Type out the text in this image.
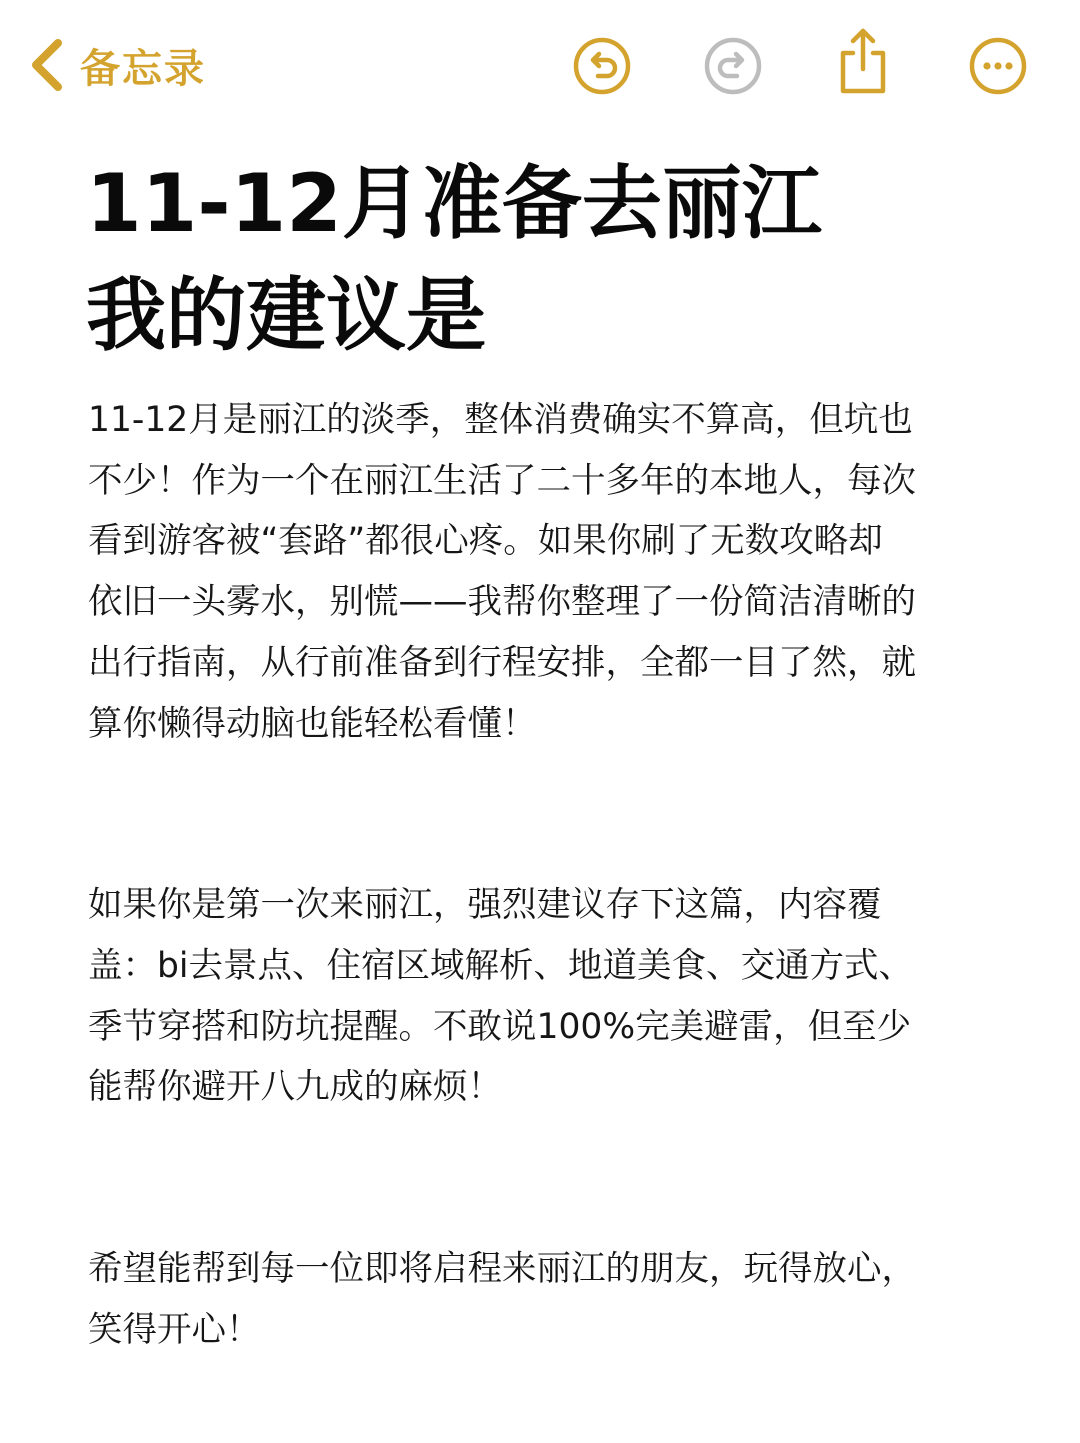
备忘录
11-12月准备去丽江
我的建议是
11-12月是丽江的淡季，整体消费确实不算高，但坑也
不少！作为一个在丽江生活了二十多年的本地人，每次
看到游客被“套路”都很心疼。如果你刷了无数攻略却
依旧一头雾水，别慌——我帮你整理了一份简洁清晰的
出行指南，从行前准备到行程安排，全都一目了然，就
算你懒得动脑也能轻松看懂！
如果你是第一次来丽江，强烈建议存下这篇，内容覆
盖：bi去景点、住宿区域解析、地道美食、交通方式、
季节穿搭和防坑提醒。不敢说100%完美避雷，但至少
能帮你避开八九成的麻烦！
希望能帮到每一位即将启程来丽江的朋友，玩得放心，
笑得开心！
